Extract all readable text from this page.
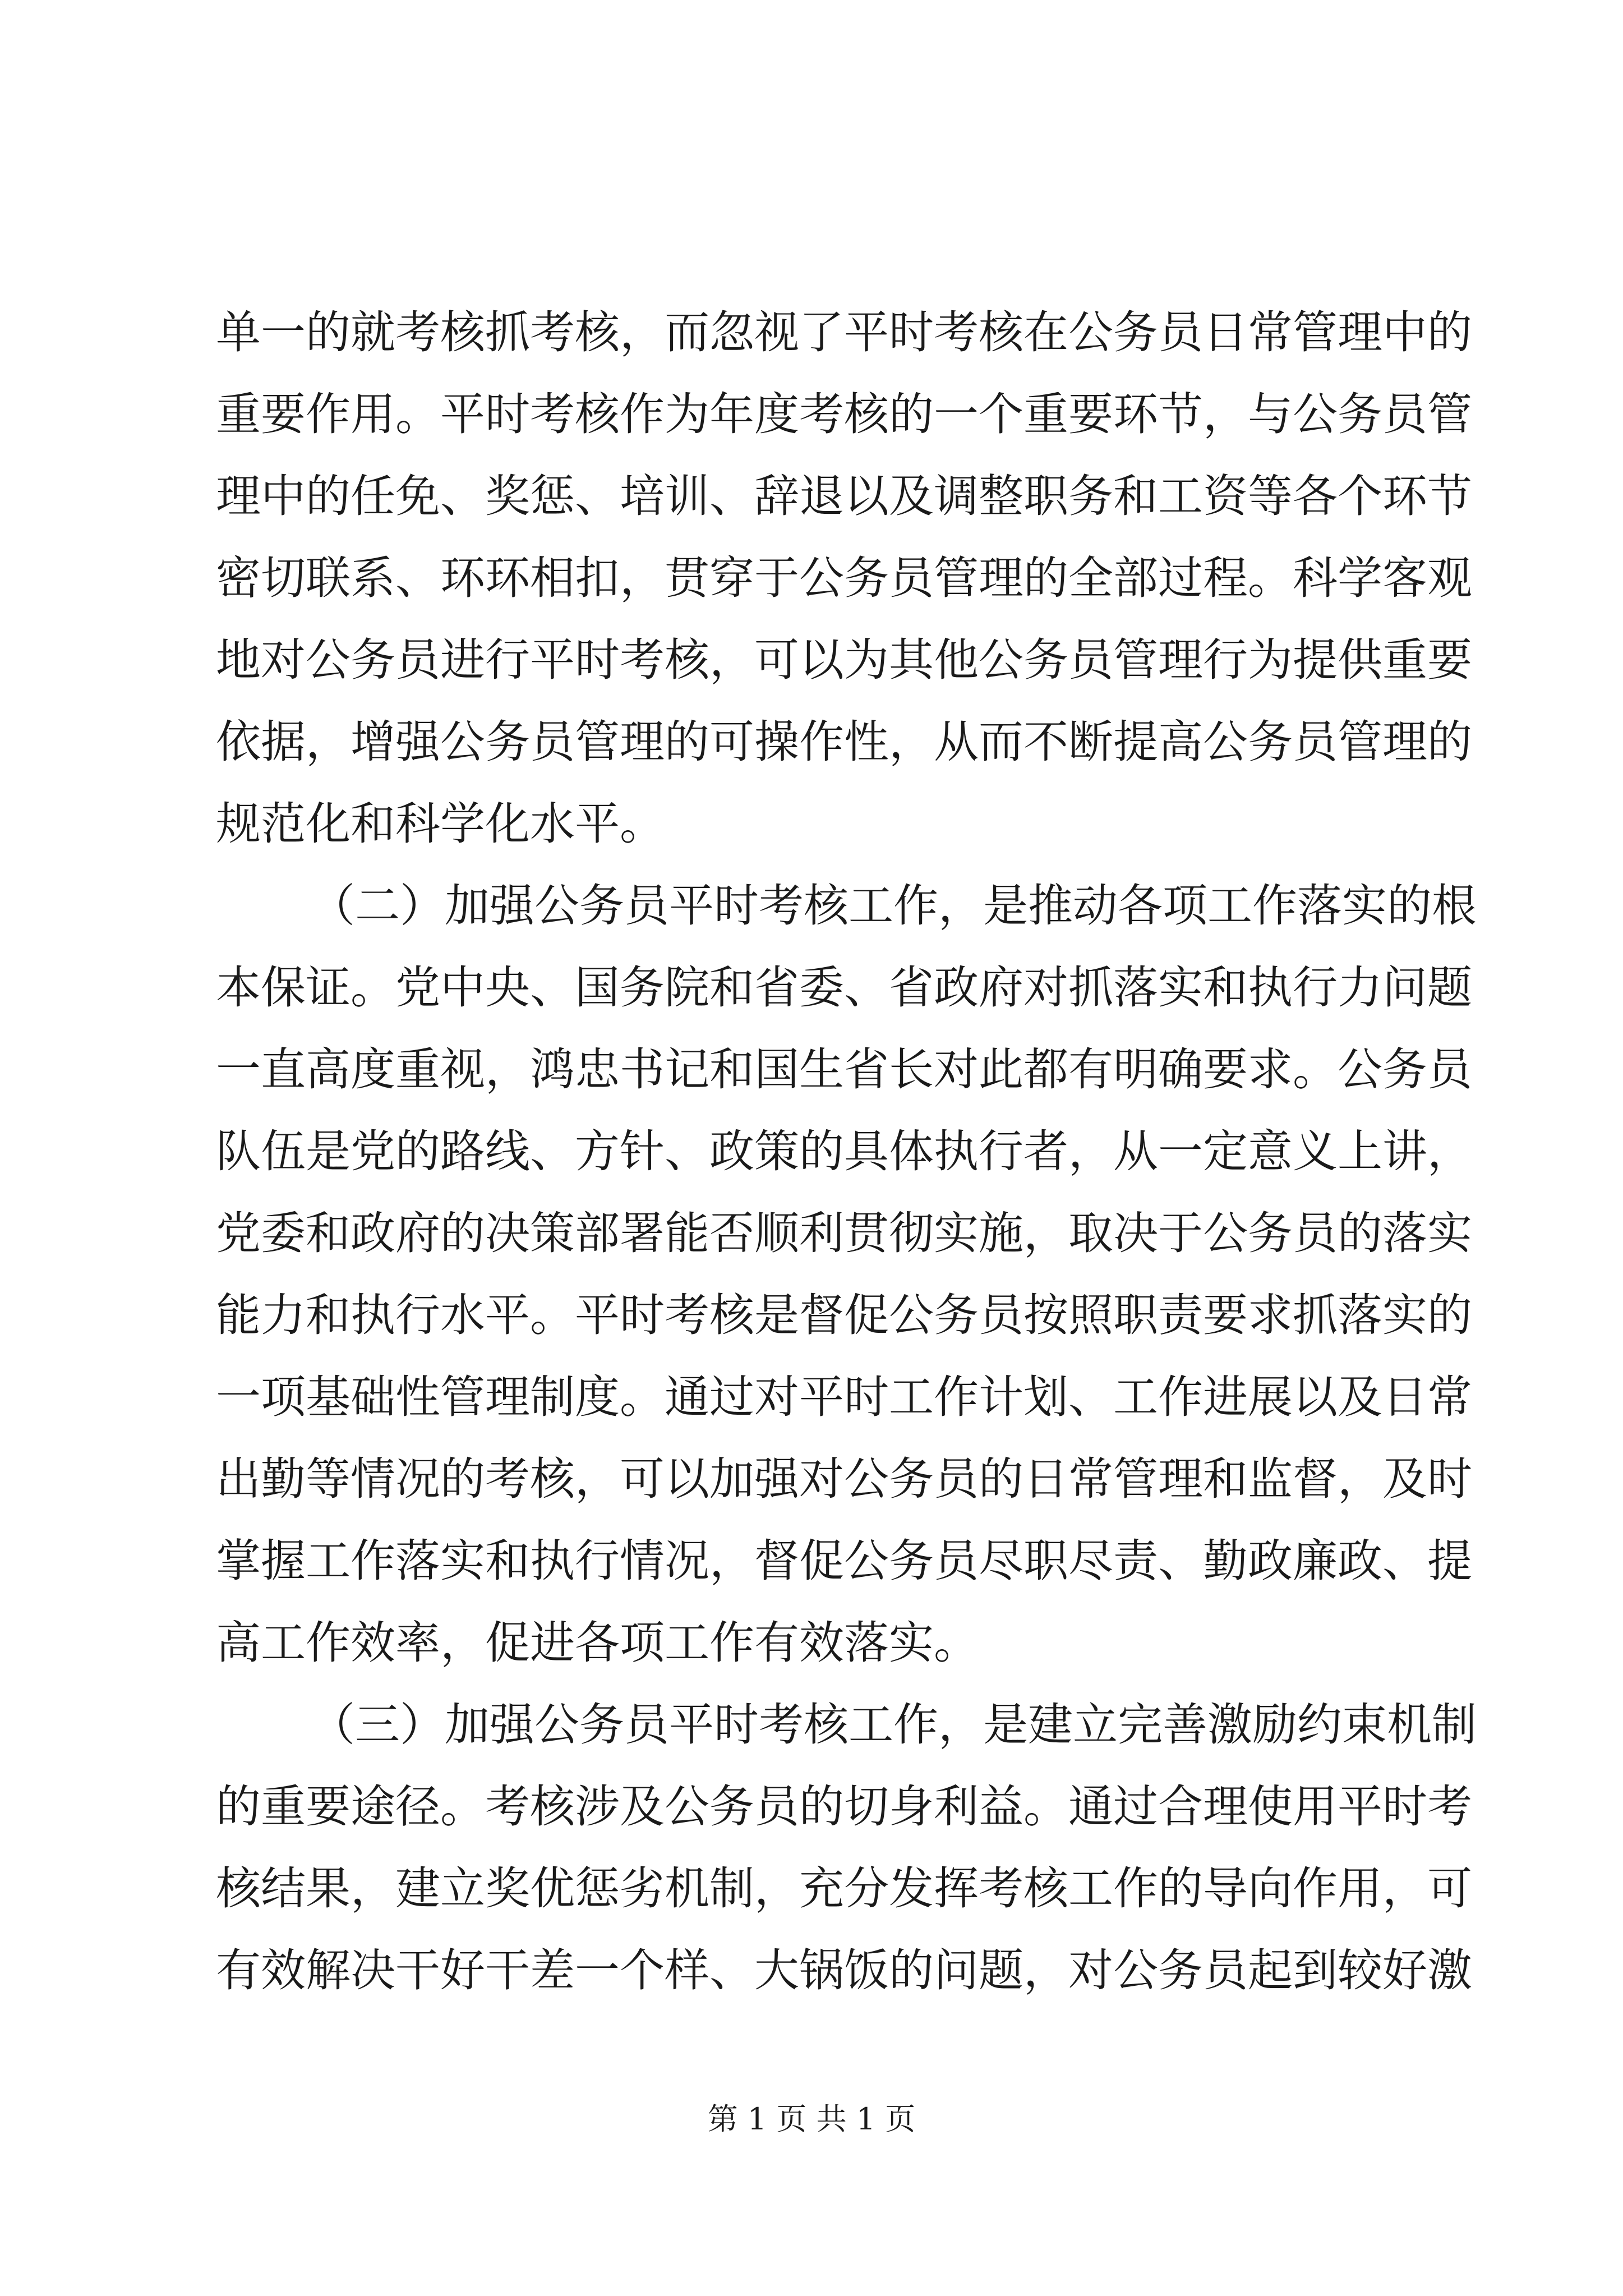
单一的就考核抓考核，而忽视了平时考核在公务员日常管理中的
重要作用。平时考核作为年度考核的一个重要环节，与公务员管
理中的任免、奖惩、培训、辞退以及调整职务和工资等各个环节
密切联系、环环相扣，贯穿于公务员管理的全部过程。科学客观
地对公务员进行平时考核，可以为其他公务员管理行为提供重要
依据，增强公务员管理的可操作性，从而不断提高公务员管理的
规范化和科学化水平。
（二）加强公务员平时考核工作，是推动各项工作落实的根
本保证。党中央、国务院和省委、省政府对抓落实和执行力问题
一直高度重视，鸿忠书记和国生省长对此都有明确要求。公务员
队伍是党的路线、方针、政策的具体执行者，从一定意义上讲，
党委和政府的决策部署能否顺利贯彻实施，取决于公务员的落实
能力和执行水平。平时考核是督促公务员按照职责要求抓落实的
一项基础性管理制度。通过对平时工作计划、工作进展以及日常
出勤等情况的考核，可以加强对公务员的日常管理和监督，及时
掌握工作落实和执行情况，督促公务员尽职尽责、勤政廉政、提
高工作效率，促进各项工作有效落实。
（三）加强公务员平时考核工作，是建立完善激励约束机制
的重要途径。考核涉及公务员的切身利益。通过合理使用平时考
核结果，建立奖优惩劣机制，充分发挥考核工作的导向作用，可
有效解决干好干差一个样、大锅饭的问题，对公务员起到较好激
第 1 页 共 1 页
